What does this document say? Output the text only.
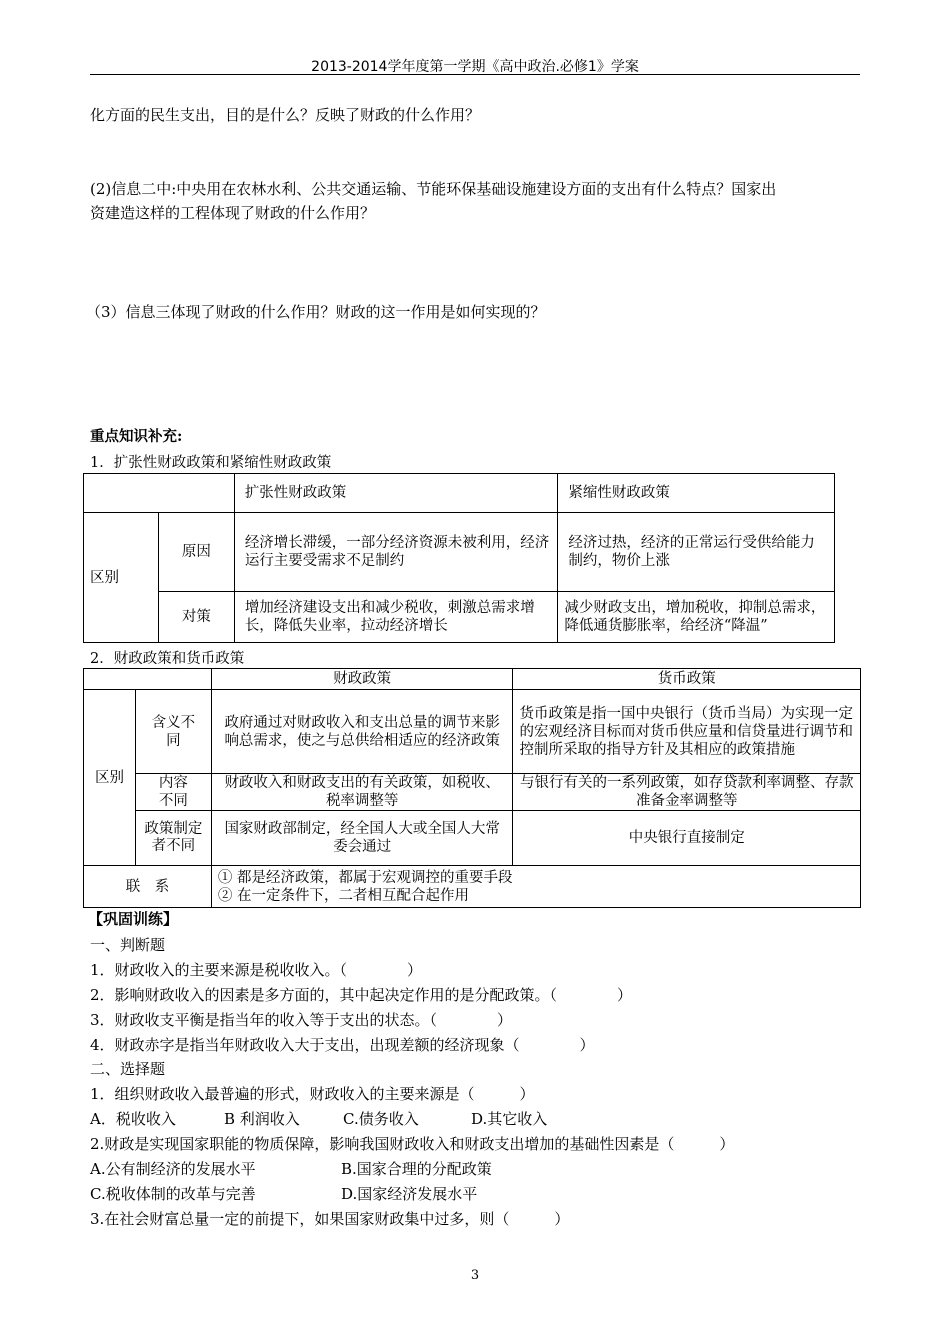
2013-2014学年度第一学期《高中政治.必修1》学案
化方面的民生支出，目的是什么？反映了财政的什么作用？
(2)信息二中:中央用在农林水利、公共交通运输、节能环保基础设施建设方面的支出有什么特点？国家出
资建造这样的工程体现了财政的什么作用？
（3）信息三体现了财政的什么作用？财政的这一作用是如何实现的？
重点知识补充:
1．扩张性财政政策和紧缩性财政政策
		扩张性财政政策	紧缩性财政政策
区别	原因	经济增长滞缓，一部分经济资源未被利用，经济运行主要受需求不足制约	经济过热，经济的正常运行受供给能力制约，物价上涨
	对策	增加经济建设支出和减少税收，刺激总需求增长，降低失业率，拉动经济增长	减少财政支出，增加税收，抑制总需求，降低通货膨胀率，给经济“降温”
2．财政政策和货币政策
		财政政策	货币政策
区别	含义不同	政府通过对财政收入和支出总量的调节来影响总需求，使之与总供给相适应的经济政策	货币政策是指一国中央银行（货币当局）为实现一定的宏观经济目标而对货币供应量和信贷量进行调节和控制所采取的指导方针及其相应的政策措施
	内容不同	财政收入和财政支出的有关政策，如税收、税率调整等	与银行有关的一系列政策，如存贷款利率调整、存款准备金率调整等
	政策制定者不同	国家财政部制定，经全国人大或全国人大常委会通过	中央银行直接制定
联　系		① 都是经济政策，都属于宏观调控的重要手段
② 在一定条件下，二者相互配合起作用	
【巩固训练】
一、判断题
1．财政收入的主要来源是税收收入。（　　　　）
2．影响财政收入的因素是多方面的，其中起决定作用的是分配政策。（　　　　）
3．财政收支平衡是指当年的收入等于支出的状态。（　　　　）
4．财政赤字是指当年财政收入大于支出，出现差额的经济现象（　　　　）
二、选择题
1．组织财政收入最普遍的形式，财政收入的主要来源是（　　　）
A．税收收入	B 利润收入	C.债务收入	D.其它收入
2.财政是实现国家职能的物质保障，影响我国财政收入和财政支出增加的基础性因素是（　　　）
A.公有制经济的发展水平	B.国家合理的分配政策
C.税收体制的改革与完善	D.国家经济发展水平
3.在社会财富总量一定的前提下，如果国家财政集中过多，则（　　　）
3
